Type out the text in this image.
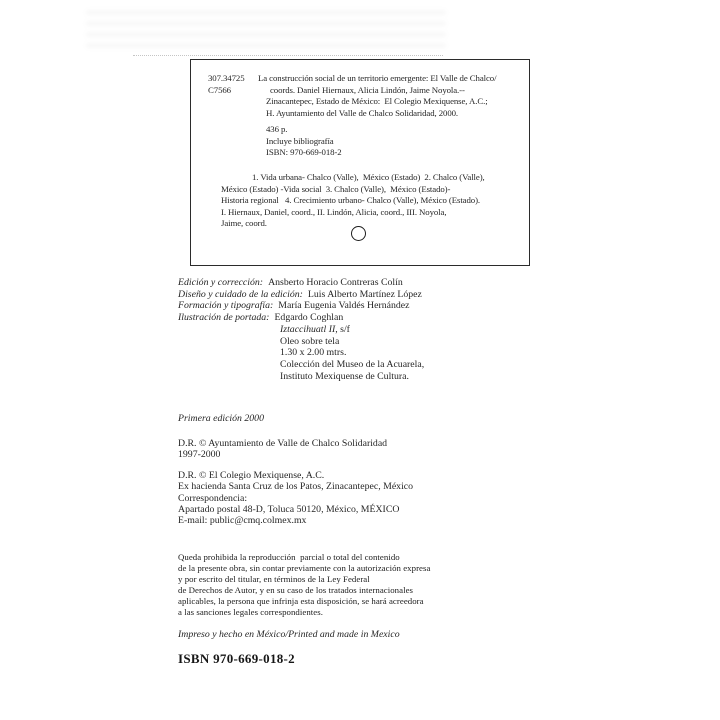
307.34725
C7566
La construcción social de un territorio emergente: El Valle de Chalco/
coords. Daniel Hiernaux, Alicia Lindón, Jaime Noyola.--
Zinacantepec, Estado de México:  El Colegio Mexiquense, A.C.;
H. Ayuntamiento del Valle de Chalco Solidaridad, 2000.
436 p.
Incluye bibliografía
ISBN: 970-669-018-2
1. Vida urbana- Chalco (Valle),  México (Estado)  2. Chalco (Valle),
México (Estado) -Vida social  3. Chalco (Valle),  México (Estado)-
Historia regional   4. Crecimiento urbano- Chalco (Valle), México (Estado).
I. Hiernaux, Daniel, coord., II. Lindón, Alicia, coord., III. Noyola,
Jaime, coord.
Edición y corrección: Ansberto Horacio Contreras Colín
Diseño y cuidado de la edición: Luis Alberto Martínez López
Formación y tipografía: María Eugenia Valdés Hernández
Ilustración de portada: Edgardo Coghlan
Iztaccihuatl II, s/f
Oleo sobre tela
1.30 x 2.00 mtrs.
Colección del Museo de la Acuarela,
Instituto Mexiquense de Cultura.
Primera edición 2000
D.R. © Ayuntamiento de Valle de Chalco Solidaridad
1997-2000
D.R. © El Colegio Mexiquense, A.C.
Ex hacienda Santa Cruz de los Patos, Zinacantepec, México
Correspondencia:
Apartado postal 48-D, Toluca 50120, México, MÉXICO
E-mail: public@cmq.colmex.mx
Queda prohibida la reproducción  parcial o total del contenido
de la presente obra, sin contar previamente con la autorización expresa
y por escrito del titular, en términos de la Ley Federal
de Derechos de Autor, y en su caso de los tratados internacionales
aplicables, la persona que infrinja esta disposición, se hará acreedora
a las sanciones legales correspondientes.
Impreso y hecho en México/Printed and made in Mexico
ISBN 970-669-018-2
